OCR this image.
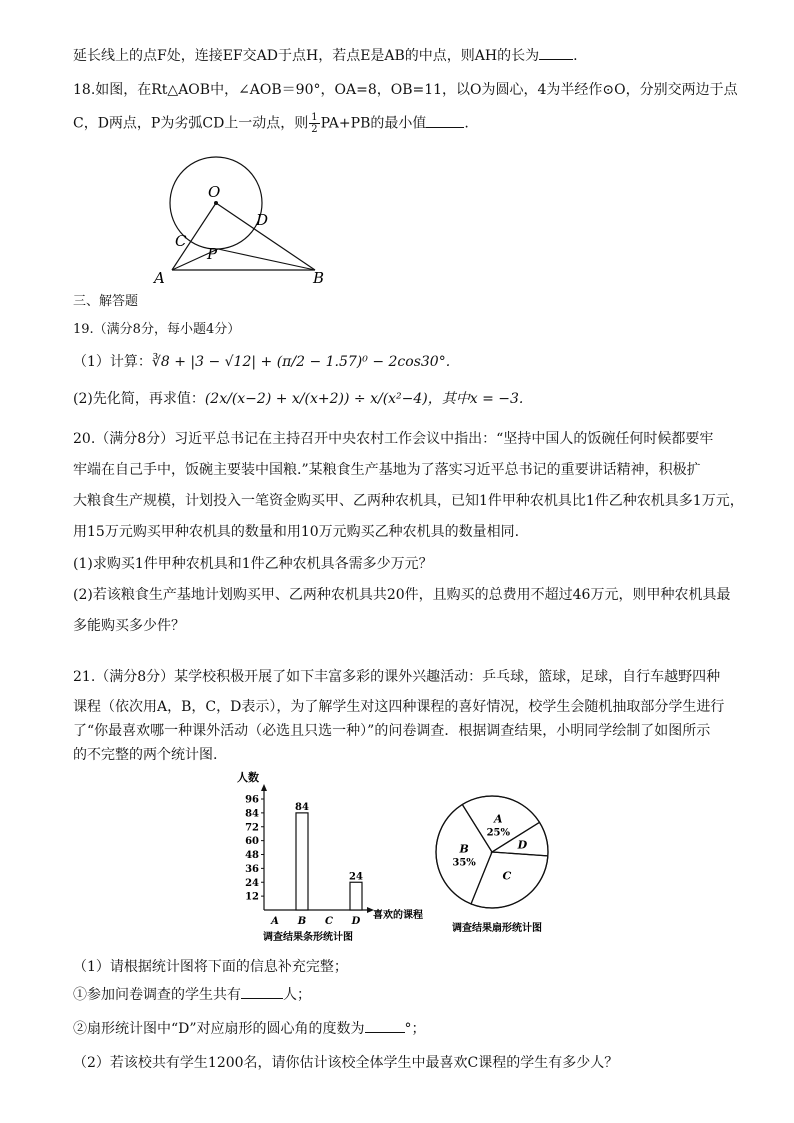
延长线上的点F处，连接EF交AD于点H，若点E是AB的中点，则AH的长为 .
18.如图，在Rt△AOB中，∠AOB＝90°，OA=8，OB=11，以O为圆心，4为半经作⊙O，分别交两边于点
C，D两点，P为劣弧CD上一动点，则 $\frac{1}{2} PA+PB$的最小值	.
O
D
C
P
A	B
三、解答题
19.（满分8分，每小题4分）
（1）计算：∛8 + |3 − √12| + (π/2 − 1.57)⁰ − 2cos30°.
(2)先化简，再求值：(2x/(x−2) + x/(x+2)) ÷ x/(x²−4)，其中x = −3.
20.（满分8分）习近平总书记在主持召开中央农村工作会议中指出：“坚持中国人的饭碗任何时候都要牢
牢端在自己手中，饭碗主要装中国粮.”某粮食生产基地为了落实习近平总书记的重要讲话精神，积极扩
大粮食生产规模，计划投入一笔资金购买甲、乙两种农机具，已知1件甲种农机具比1件乙种农机具多1万元，
用15万元购买甲种农机具的数量和用10万元购买乙种农机具的数量相同.
(1)求购买1件甲种农机具和1件乙种农机具各需多少万元？
(2)若该粮食生产基地计划购买甲、乙两种农机具共20件，且购买的总费用不超过46万元，则甲种农机具最
多能购买多少件？
21.（满分8分）某学校积极开展了如下丰富多彩的课外兴趣活动：乒乓球，篮球，足球，自行车越野四种
课程（依次用A，B，C，D表示），为了解学生对这四种课程的喜好情况，校学生会随机抽取部分学生进行
了“你最喜欢哪一种课外活动（必选且只选一种）”的问卷调查．根据调查结果，小明同学绘制了如图所示
的不完整的两个统计图.
人数
12
24
36
48
60
72
84
96
84
24
A B C D
喜欢的课程
调查结果条形统计图
C
B
35%
A
25%
D
调查结果扇形统计图
（1）请根据统计图将下面的信息补充完整；
①参加问卷调查的学生共有	人；
②扇形统计图中“D”对应扇形的圆心角的度数为	°；
（2）若该校共有学生1200名，请你估计该校全体学生中最喜欢C课程的学生有多少人？
